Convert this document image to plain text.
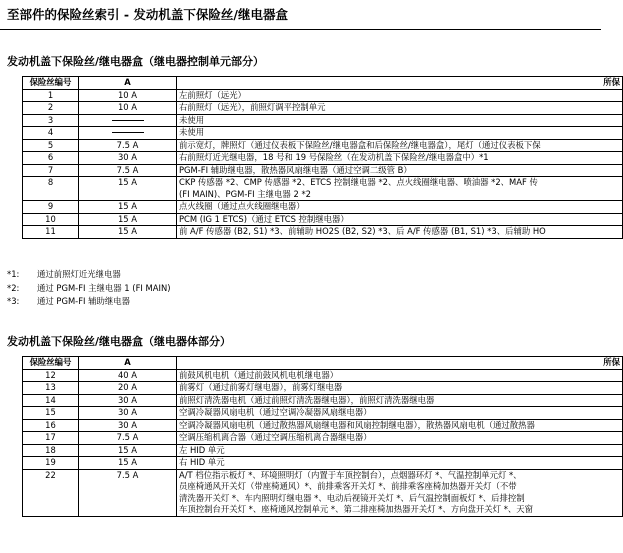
至部件的保险丝索引 - 发动机盖下保险丝/继电器盒
发动机盖下保险丝/继电器盒（继电器控制单元部分）
保险丝编号	A	所保
1	10 A	左前照灯（远光）
2	10 A	右前照灯（远光），前照灯调平控制单元
3		未使用
4		未使用
5	7.5 A	前示宽灯，牌照灯（通过仪表板下保险丝/继电器盒和后保险丝/继电器盒），尾灯（通过仪表板下保
6	30 A	右前照灯近光继电器，18 号和 19 号保险丝（在发动机盖下保险丝/继电器盒中）*1
7	7.5 A	PGM-FI 辅助继电器，散热器风扇继电器（通过空调二级管 B）
8	15 A	CKP 传感器 *2、CMP 传感器 *2、ETCS 控制继电器 *2、点火线圈继电器、喷油器 *2、MAF 传
(FI MAIN)、PGM-FI 主继电器 2 *2

9	15 A	点火线圈（通过点火线圈继电器）
10	15 A	PCM (IG 1 ETCS)（通过 ETCS 控制继电器）
11	15 A	前 A/F 传感器 (B2, S1) *3、前辅助 HO2S (B2, S2) *3、后 A/F 传感器 (B1, S1) *3、后辅助 HO
*1: 通过前照灯近光继电器
*2: 通过 PGM-FI 主继电器 1 (FI MAIN)
*3: 通过 PGM-FI 辅助继电器
发动机盖下保险丝/继电器盒（继电器体部分）
保险丝编号	A	所保
12	40 A	前鼓风机电机（通过前鼓风机电机继电器）
13	20 A	前雾灯（通过前雾灯继电器），前雾灯继电器
14	30 A	前照灯清洗器电机（通过前照灯清洗器继电器），前照灯清洗器继电器
15	30 A	空调冷凝器风扇电机（通过空调冷凝器风扇继电器）
16	30 A	空调冷凝器风扇电机（通过散热器风扇继电器和风扇控制继电器），散热器风扇电机（通过散热器
17	7.5 A	空调压缩机离合器（通过空调压缩机离合器继电器）
18	15 A	左 HID 单元
19	15 A	右 HID 单元
22	7.5 A	A/T 档位指示板灯 *、环境照明灯（内置于车顶控制台），点烟器环灯 *、气温控制单元灯 *、
员座椅通风开关灯（带座椅通风）*、前排乘客开关灯 *、前排乘客座椅加热器开关灯（不带
清洗器开关灯 *、车内照明灯继电器 *、电动后视镜开关灯 *、后气温控制面板灯 *、后排控制
车顶控制台开关灯 *、座椅通风控制单元 *、第二排座椅加热器开关灯 *、方向盘开关灯 *、天窗
